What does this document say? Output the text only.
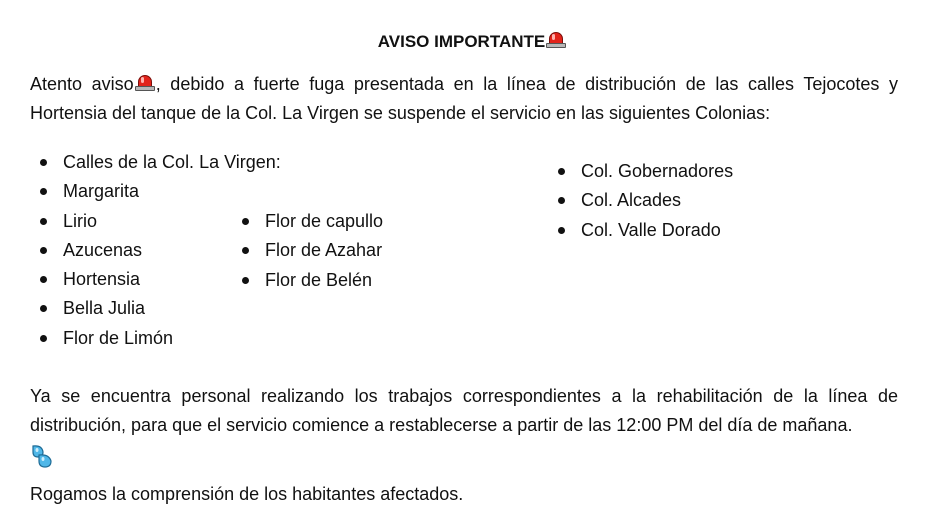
AVISO IMPORTANTE
Atento aviso , debido a fuerte fuga presentada en la línea de distribución de las calles Tejocotes y Hortensia del tanque de la Col. La Virgen se suspende el servicio en las siguientes Colonias:
Calles de la Col. La Virgen:
Margarita
Lirio
Azucenas
Hortensia
Bella Julia
Flor de Limón
Flor de capullo
Flor de Azahar
Flor de Belén
Col. Gobernadores
Col. Alcades
Col. Valle Dorado
Ya se encuentra personal realizando los trabajos correspondientes a la rehabilitación de la línea de distribución, para que el servicio comience a restablecerse a partir de las 12:00 PM del día de mañana.
Rogamos la comprensión de los habitantes afectados.
